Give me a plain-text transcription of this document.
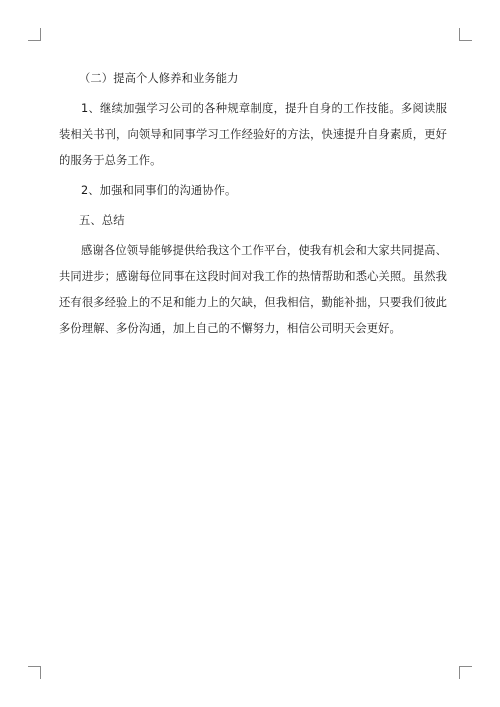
（二）提高个人修养和业务能力

1、继续加强学习公司的各种规章制度，提升自身的工作技能。多阅读服装相关书刊，向领导和同事学习工作经验好的方法，快速提升自身素质，更好的服务于总务工作。

2、加强和同事们的沟通协作。

五、总结

感谢各位领导能够提供给我这个工作平台，使我有机会和大家共同提高、共同进步；感谢每位同事在这段时间对我工作的热情帮助和悉心关照。虽然我还有很多经验上的不足和能力上的欠缺，但我相信，勤能补拙，只要我们彼此多份理解、多份沟通，加上自己的不懈努力，相信公司明天会更好。
